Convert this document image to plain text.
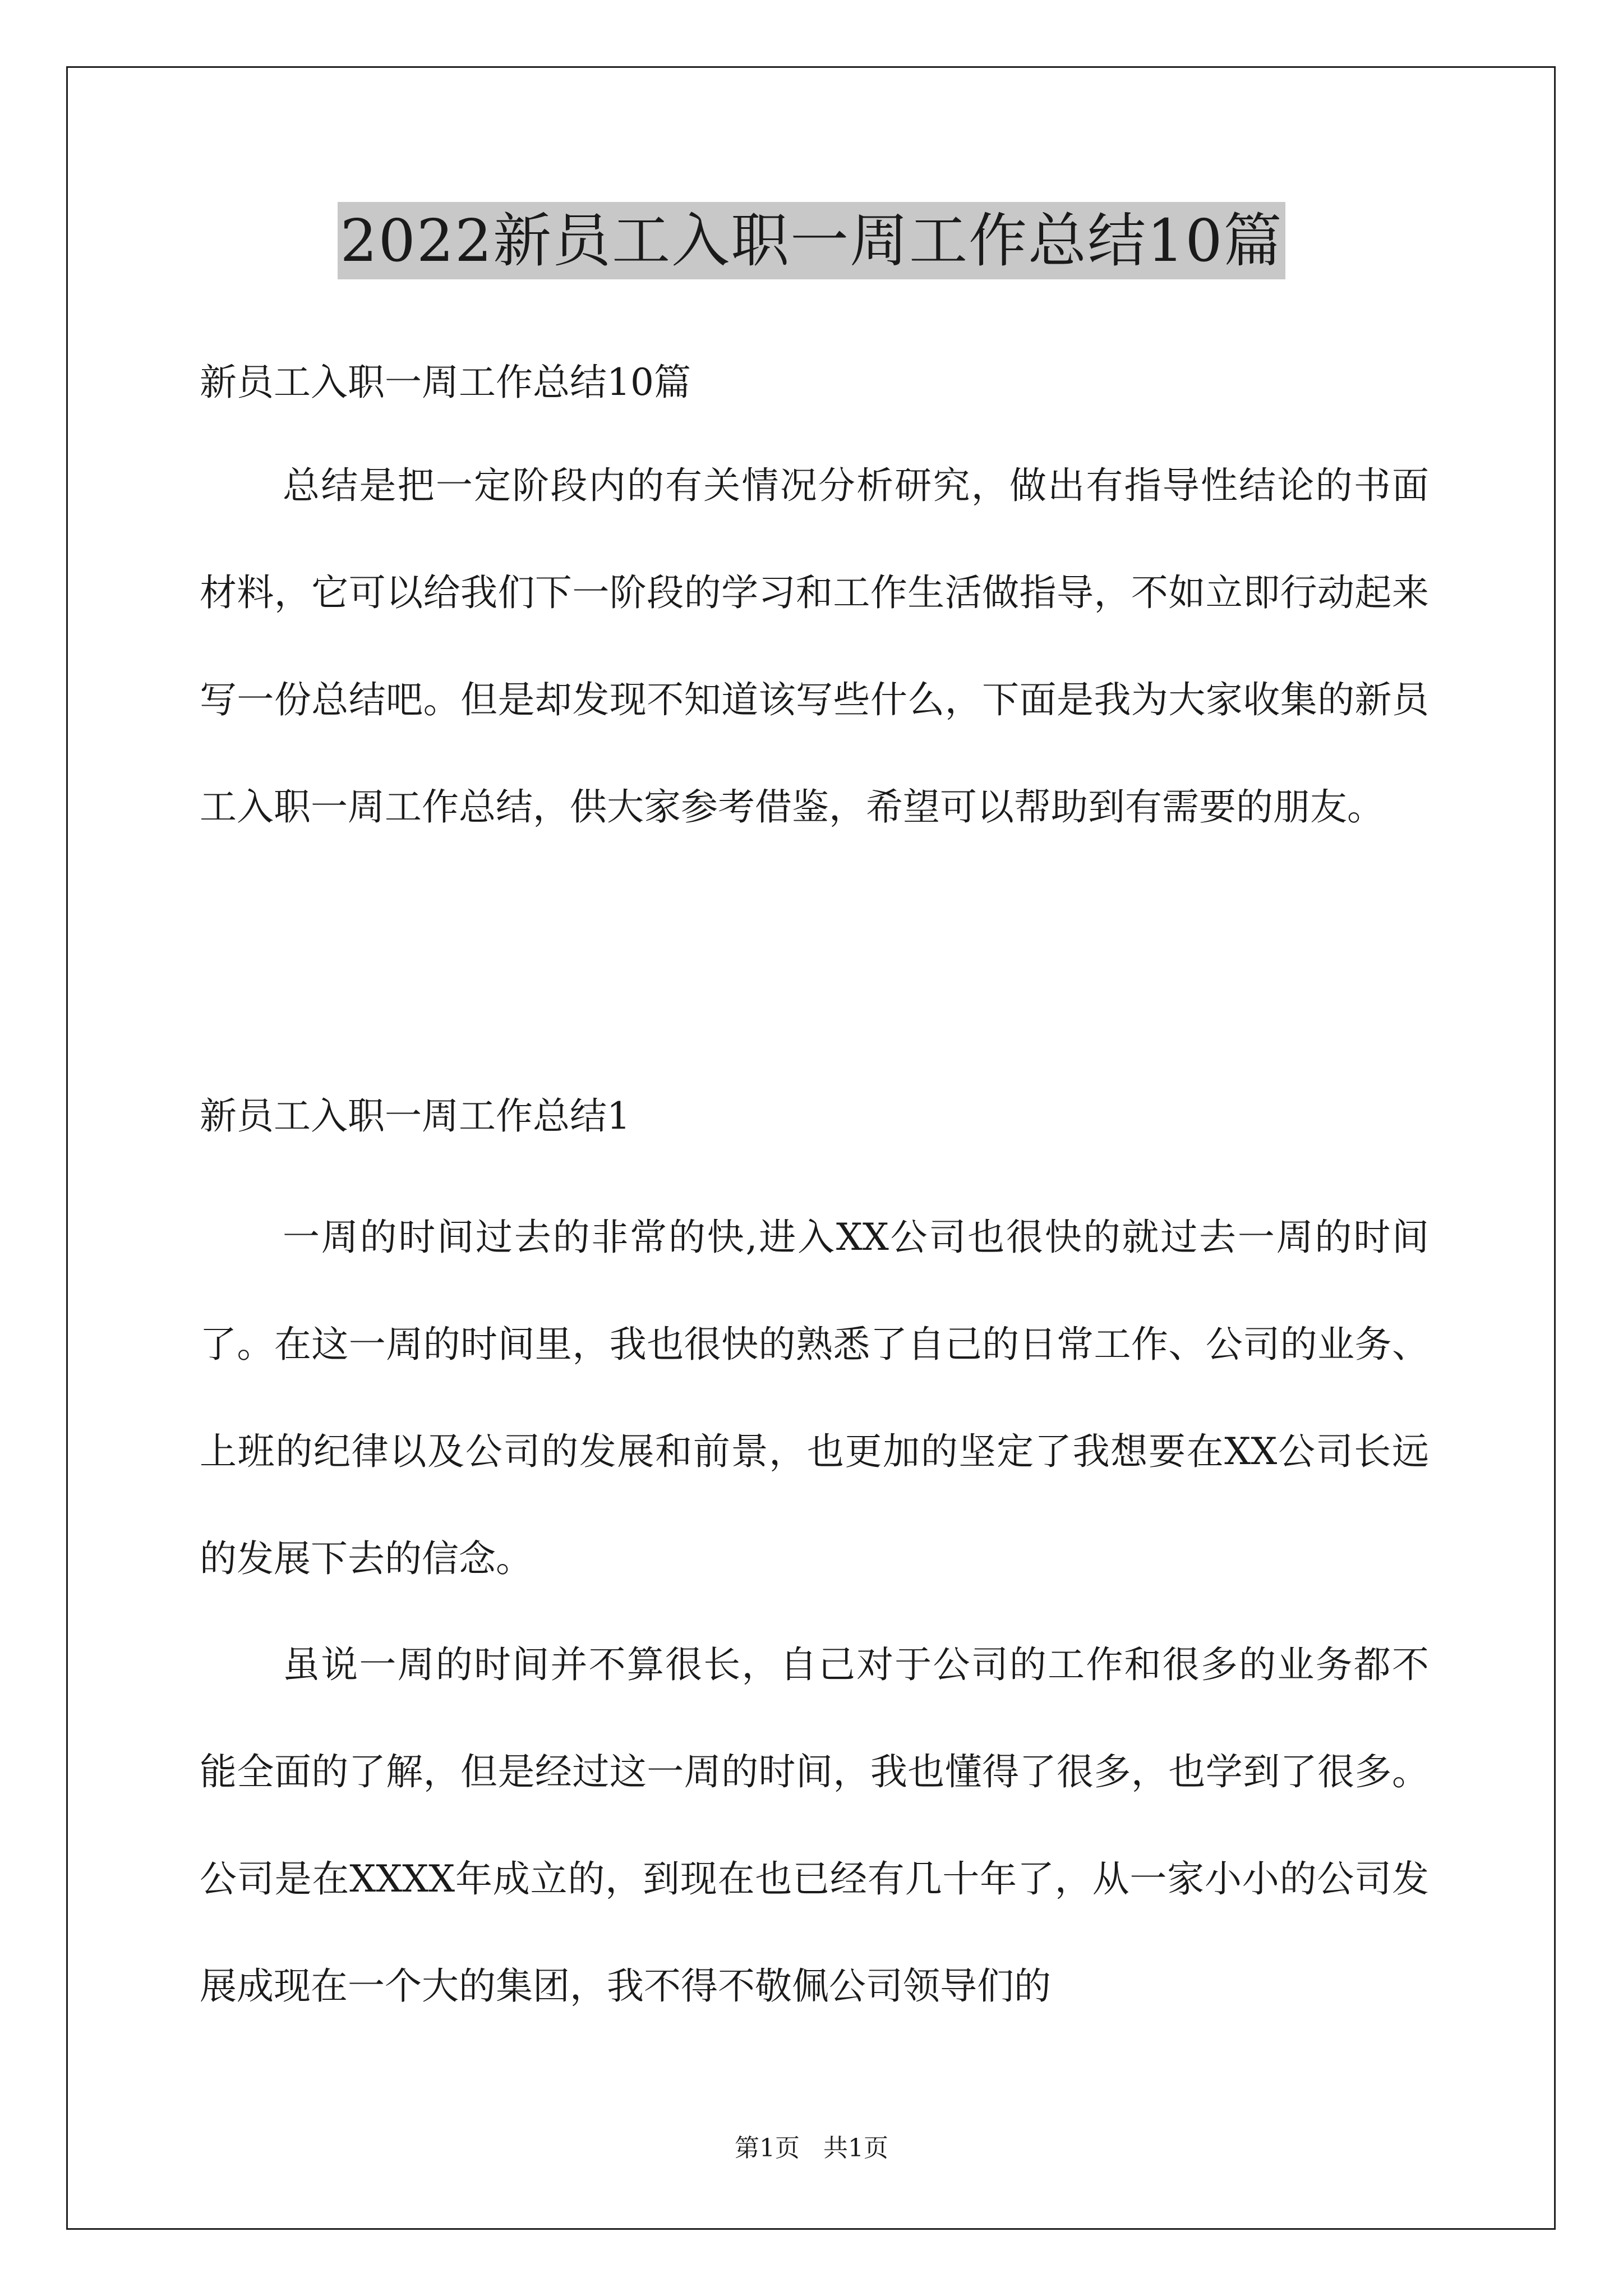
2022新员工入职一周工作总结10篇
新员工入职一周工作总结10篇

总结是把一定阶段内的有关情况分析研究，做出有指导性结论的书面材料，它可以给我们下一阶段的学习和工作生活做指导，不如立即行动起来写一份总结吧。但是却发现不知道该写些什么，下面是我为大家收集的新员工入职一周工作总结，供大家参考借鉴，希望可以帮助到有需要的朋友。

新员工入职一周工作总结1

一周的时间过去的非常的快,进入XX公司也很快的就过去一周的时间了。在这一周的时间里，我也很快的熟悉了自己的日常工作、公司的业务、上班的纪律以及公司的发展和前景，也更加的坚定了我想要在XX公司长远的发展下去的信念。

虽说一周的时间并不算很长，自己对于公司的工作和很多的业务都不能全面的了解，但是经过这一周的时间，我也懂得了很多，也学到了很多。公司是在XXXX年成立的，到现在也已经有几十年了，从一家小小的公司发展成现在一个大的集团，我不得不敬佩公司领导们的

第1页   共1页
